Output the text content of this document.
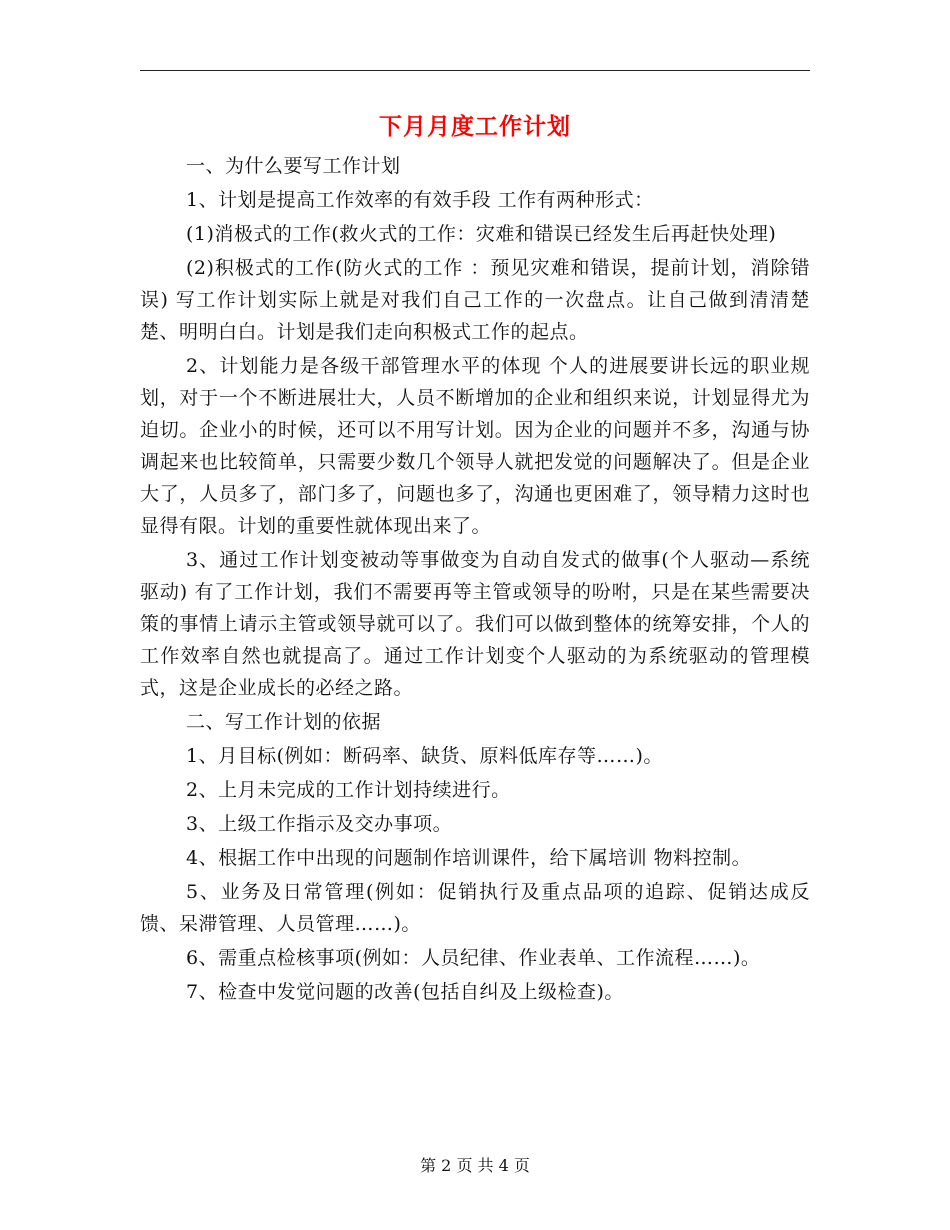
下月月度工作计划

一、为什么要写工作计划

1、计划是提高工作效率的有效手段 工作有两种形式：

(1)消极式的工作(救火式的工作：灾难和错误已经发生后再赶快处理)

(2)积极式的工作(防火式的工作 ：预见灾难和错误，提前计划，消除错误) 写工作计划实际上就是对我们自己工作的一次盘点。让自己做到清清楚楚、明明白白。计划是我们走向积极式工作的起点。

2、计划能力是各级干部管理水平的体现 个人的进展要讲长远的职业规划，对于一个不断进展壮大，人员不断增加的企业和组织来说，计划显得尤为迫切。企业小的时候，还可以不用写计划。因为企业的问题并不多，沟通与协调起来也比较简单，只需要少数几个领导人就把发觉的问题解决了。但是企业大了，人员多了，部门多了，问题也多了，沟通也更困难了，领导精力这时也显得有限。计划的重要性就体现出来了。

3、通过工作计划变被动等事做变为自动自发式的做事(个人驱动—系统驱动) 有了工作计划，我们不需要再等主管或领导的吩咐，只是在某些需要决策的事情上请示主管或领导就可以了。我们可以做到整体的统筹安排，个人的工作效率自然也就提高了。通过工作计划变个人驱动的为系统驱动的管理模式，这是企业成长的必经之路。

二、写工作计划的依据

1、月目标(例如：断码率、缺货、原料低库存等……)。

2、上月未完成的工作计划持续进行。

3、上级工作指示及交办事项。

4、根据工作中出现的问题制作培训课件，给下属培训 物料控制。

5、业务及日常管理(例如：促销执行及重点品项的追踪、促销达成反馈、呆滞管理、人员管理……)。

6、需重点检核事项(例如：人员纪律、作业表单、工作流程……)。

7、检查中发觉问题的改善(包括自纠及上级检查)。

第 2 页 共 4 页
